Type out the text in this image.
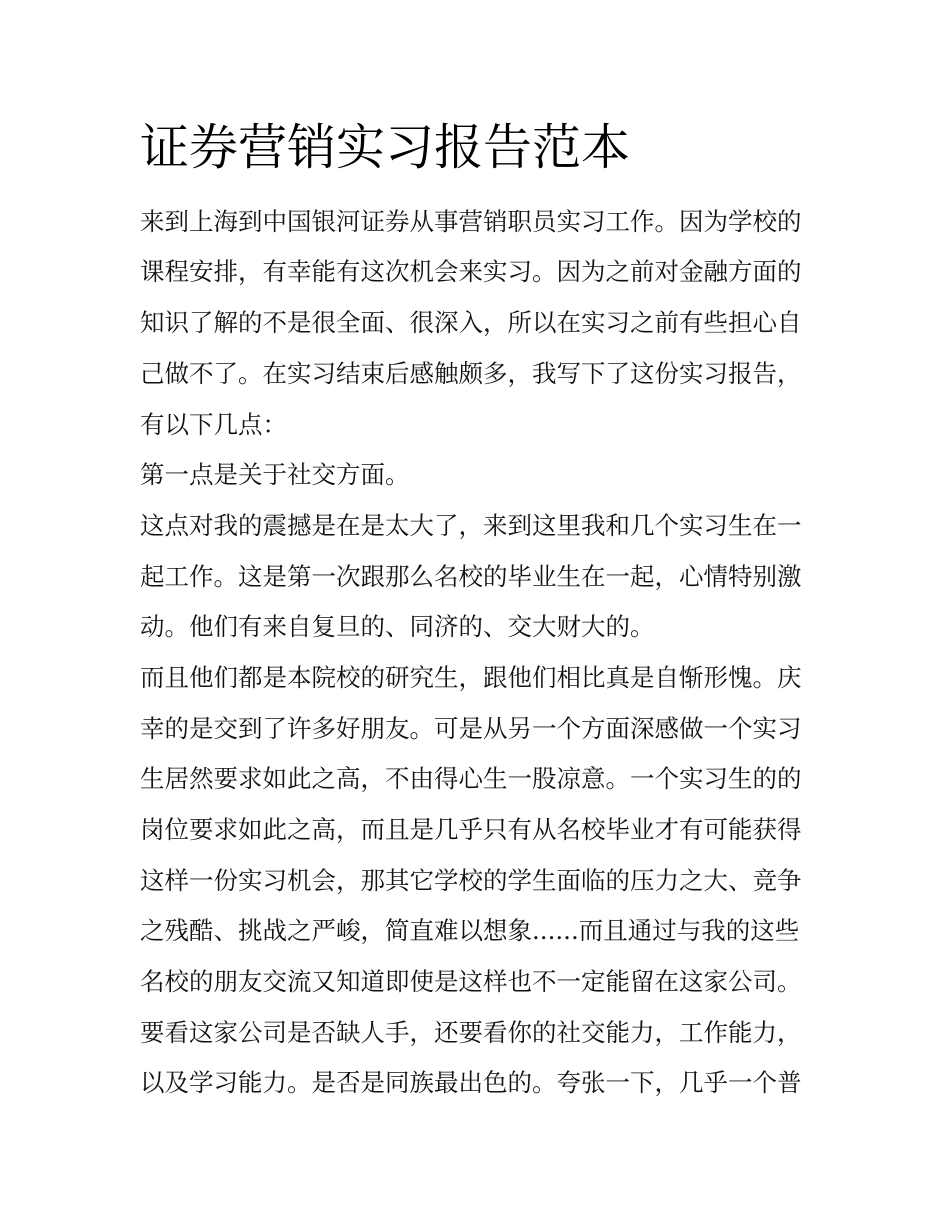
证券营销实习报告范本
来到上海到中国银河证券从事营销职员实习工作。因为学校的
课程安排，有幸能有这次机会来实习。因为之前对金融方面的
知识了解的不是很全面、很深入，所以在实习之前有些担心自
己做不了。在实习结束后感触颇多，我写下了这份实习报告，
有以下几点：
第一点是关于社交方面。
这点对我的震撼是在是太大了，来到这里我和几个实习生在一
起工作。这是第一次跟那么名校的毕业生在一起，心情特别激
动。他们有来自复旦的、同济的、交大财大的。
而且他们都是本院校的研究生，跟他们相比真是自惭形愧。庆
幸的是交到了许多好朋友。可是从另一个方面深感做一个实习
生居然要求如此之高，不由得心生一股凉意。一个实习生的的
岗位要求如此之高，而且是几乎只有从名校毕业才有可能获得
这样一份实习机会，那其它学校的学生面临的压力之大、竞争
之残酷、挑战之严峻，简直难以想象......而且通过与我的这些
名校的朋友交流又知道即使是这样也不一定能留在这家公司。
要看这家公司是否缺人手，还要看你的社交能力，工作能力，
以及学习能力。是否是同族最出色的。夸张一下，几乎一个普
